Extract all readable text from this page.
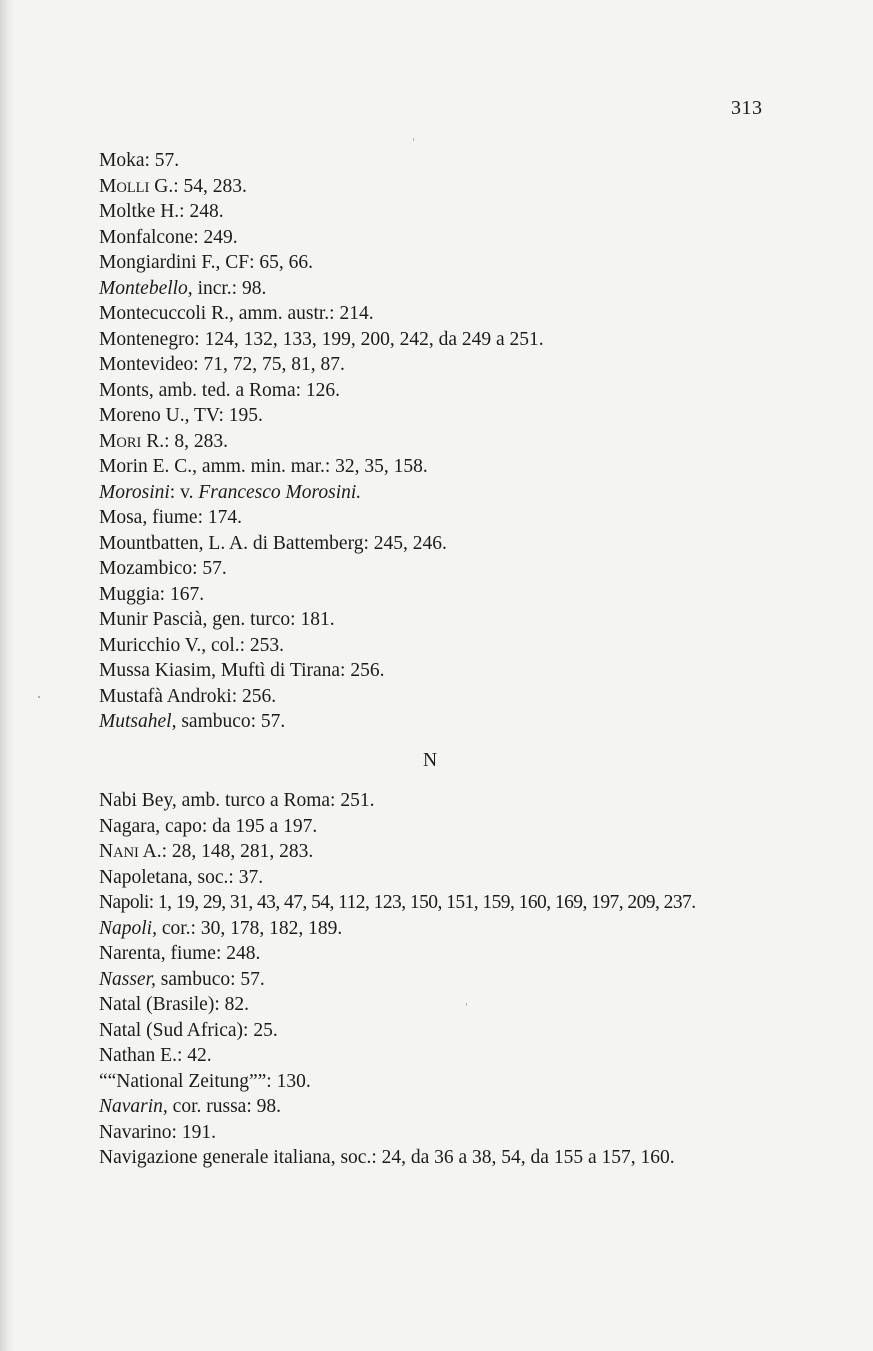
313
Moka: 57.
MOLLI G.: 54, 283.
Moltke H.: 248.
Monfalcone: 249.
Mongiardini F., CF: 65, 66.
Montebello, incr.: 98.
Montecuccoli R., amm. austr.: 214.
Montenegro: 124, 132, 133, 199, 200, 242, da 249 a 251.
Montevideo: 71, 72, 75, 81, 87.
Monts, amb. ted. a Roma: 126.
Moreno U., TV: 195.
MORI R.: 8, 283.
Morin E. C., amm. min. mar.: 32, 35, 158.
Morosini: v. Francesco Morosini.
Mosa, fiume: 174.
Mountbatten, L. A. di Battemberg: 245, 246.
Mozambico: 57.
Muggia: 167.
Munir Pascià, gen. turco: 181.
Muricchio V., col.: 253.
Mussa Kiasim, Muftì di Tirana: 256.
Mustafà Androki: 256.
Mutsahel, sambuco: 57.
N
Nabi Bey, amb. turco a Roma: 251.
Nagara, capo: da 195 a 197.
NANI A.: 28, 148, 281, 283.
Napoletana, soc.: 37.
Napoli: 1, 19, 29, 31, 43, 47, 54, 112, 123, 150, 151, 159, 160, 169, 197, 209, 237.
Napoli, cor.: 30, 178, 182, 189.
Narenta, fiume: 248.
Nasser, sambuco: 57.
Natal (Brasile): 82.
Natal (Sud Africa): 25.
Nathan E.: 42.
““National Zeitung””: 130.
Navarin, cor. russa: 98.
Navarino: 191.
Navigazione generale italiana, soc.: 24, da 36 a 38, 54, da 155 a 157, 160.
